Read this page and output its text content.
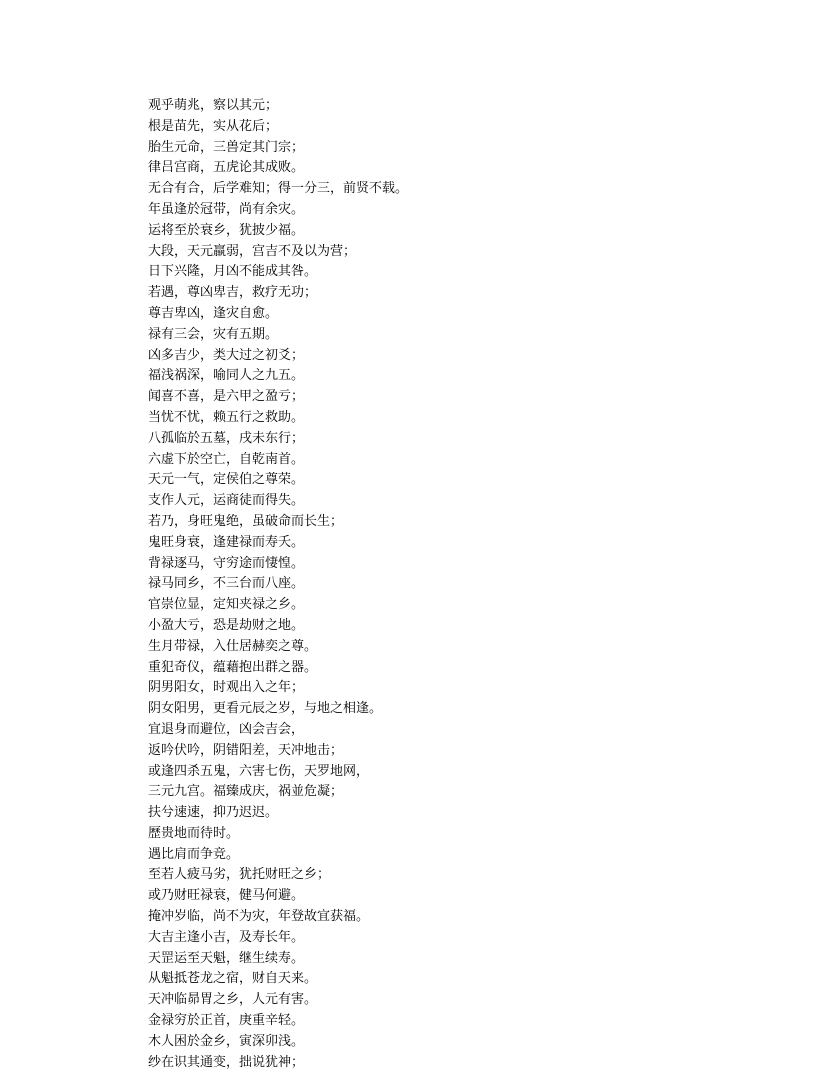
观乎萌兆，察以其元；
根是苗先，实从花后；
胎生元命，三兽定其门宗；
律吕宫商，五虎论其成败。
无合有合，后学难知；得一分三，前贤不载。
年虽逢於冠带，尚有余灾。
运将至於衰乡，犹披少福。
大段，天元羸弱，宫吉不及以为营；
日下兴隆，月凶不能成其咎。
若遇，尊凶卑吉，救疗无功；
尊吉卑凶，逢灾自愈。
禄有三会，灾有五期。
凶多吉少，类大过之初爻；
福浅祸深，喻同人之九五。
闻喜不喜，是六甲之盈亏；
当忧不忧，赖五行之救助。
八孤临於五墓，戌未东行；
六虚下於空亡，自乾南首。
天元一气，定侯伯之尊荣。
支作人元，运商徒而得失。
若乃，身旺鬼绝，虽破命而长生；
鬼旺身衰，逢建禄而寿夭。
背禄逐马，守穷途而悽惶。
禄马同乡，不三台而八座。
官崇位显，定知夹禄之乡。
小盈大亏，恐是劫财之地。
生月带禄，入仕居赫奕之尊。
重犯奇仪，蕴藉抱出群之器。
阴男阳女，时观出入之年；
阴女阳男，更看元辰之岁，与地之相逢。
宜退身而避位，凶会吉会，
返吟伏吟，阴错阳差，天冲地击；
或逢四杀五鬼，六害七伤，天罗地网，
三元九宫。福臻成庆，祸並危凝；
扶兮速速，抑乃迟迟。
歷贵地而待时。
遇比肩而争竞。
至若人疲马劣，犹托财旺之乡；
或乃财旺禄衰，健马何避。
掩冲岁临，尚不为灾，年登故宜获福。
大吉主逢小吉，及寿长年。
天罡运至天魁，继生续寿。
从魁抵苍龙之宿，财自天来。
天冲临昴胃之乡，人元有害。
金禄穷於正首，庚重辛轻。
木人困於金乡，寅深卯浅。
纱在识其通变，拙说犹神；
